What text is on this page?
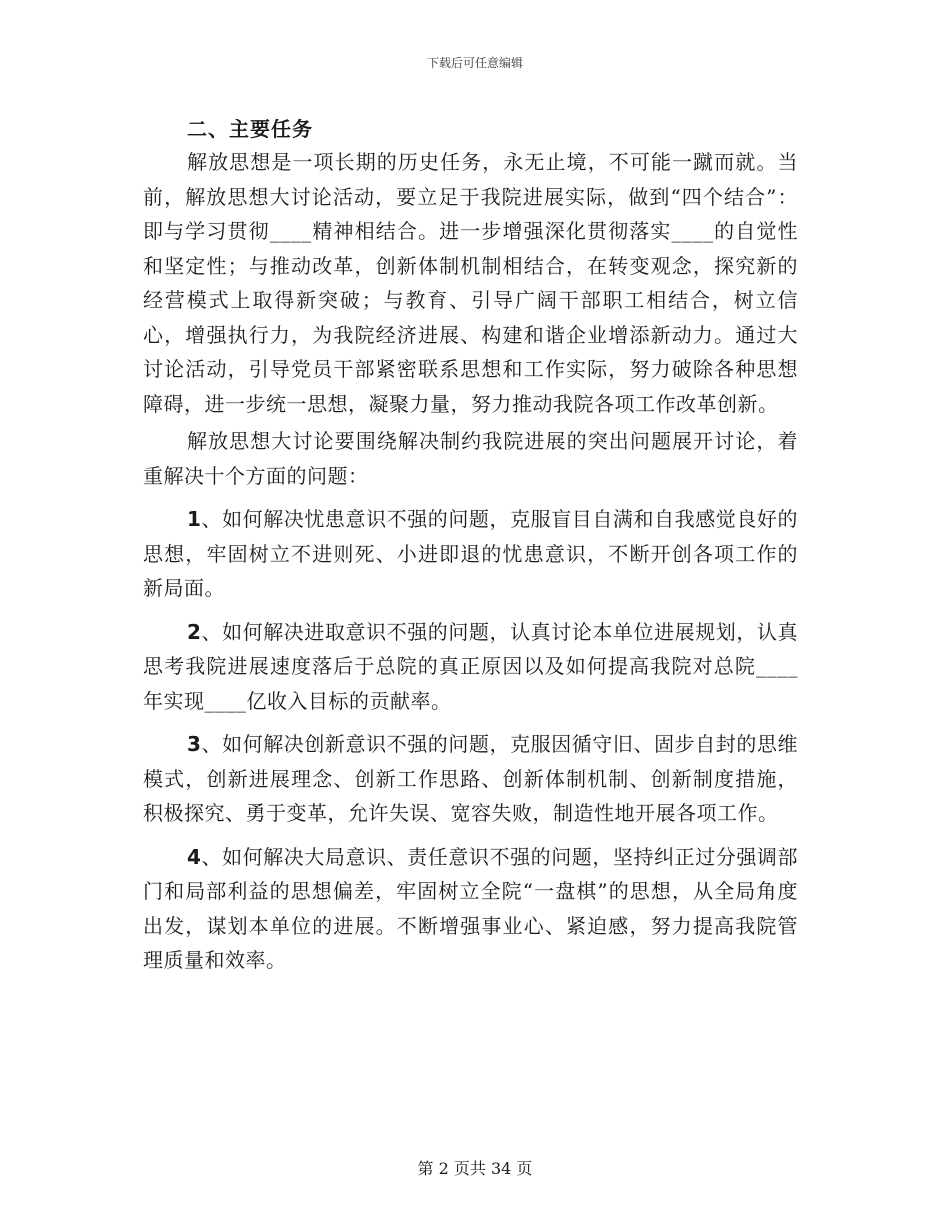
下载后可任意编辑
二、主要任务

解放思想是一项长期的历史任务，永无止境，不可能一蹴而就。当前，解放思想大讨论活动，要立足于我院进展实际，做到“四个结合”：即与学习贯彻____精神相结合。进一步增强深化贯彻落实____的自觉性和坚定性；与推动改革，创新体制机制相结合，在转变观念，探究新的经营模式上取得新突破；与教育、引导广阔干部职工相结合，树立信心，增强执行力，为我院经济进展、构建和谐企业增添新动力。通过大讨论活动，引导党员干部紧密联系思想和工作实际，努力破除各种思想障碍，进一步统一思想，凝聚力量，努力推动我院各项工作改革创新。

解放思想大讨论要围绕解决制约我院进展的突出问题展开讨论，着重解决十个方面的问题：

1、如何解决忧患意识不强的问题，克服盲目自满和自我感觉良好的思想，牢固树立不进则死、小进即退的忧患意识，不断开创各项工作的新局面。

2、如何解决进取意识不强的问题，认真讨论本单位进展规划，认真思考我院进展速度落后于总院的真正原因以及如何提高我院对总院____年实现____亿收入目标的贡献率。

3、如何解决创新意识不强的问题，克服因循守旧、固步自封的思维模式，创新进展理念、创新工作思路、创新体制机制、创新制度措施，积极探究、勇于变革，允许失误、宽容失败，制造性地开展各项工作。

4、如何解决大局意识、责任意识不强的问题，坚持纠正过分强调部门和局部利益的思想偏差，牢固树立全院“一盘棋”的思想，从全局角度出发，谋划本单位的进展。不断增强事业心、紧迫感，努力提高我院管理质量和效率。

第 2 页共 34 页
